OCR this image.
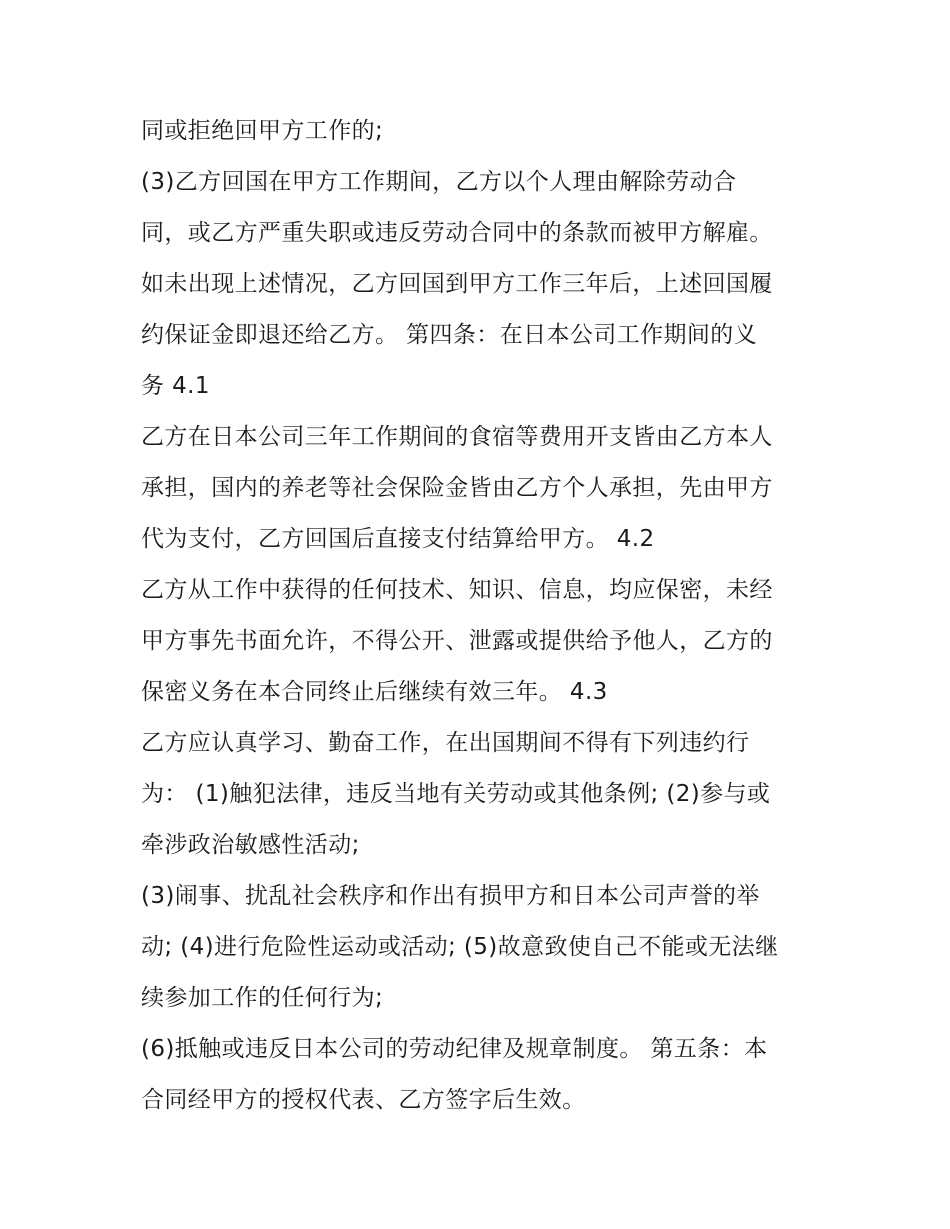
同或拒绝回甲方工作的;
(3)乙方回国在甲方工作期间，乙方以个人理由解除劳动合
同，或乙方严重失职或违反劳动合同中的条款而被甲方解雇。
如未出现上述情况，乙方回国到甲方工作三年后，上述回国履
约保证金即退还给乙方。 第四条：在日本公司工作期间的义
务 4.1
乙方在日本公司三年工作期间的食宿等费用开支皆由乙方本人
承担，国内的养老等社会保险金皆由乙方个人承担，先由甲方
代为支付，乙方回国后直接支付结算给甲方。 4.2
乙方从工作中获得的任何技术、知识、信息，均应保密，未经
甲方事先书面允许，不得公开、泄露或提供给予他人，乙方的
保密义务在本合同终止后继续有效三年。 4.3
乙方应认真学习、勤奋工作，在出国期间不得有下列违约行
为： (1)触犯法律，违反当地有关劳动或其他条例; (2)参与或
牵涉政治敏感性活动;
(3)闹事、扰乱社会秩序和作出有损甲方和日本公司声誉的举
动; (4)进行危险性运动或活动; (5)故意致使自己不能或无法继
续参加工作的任何行为;
(6)抵触或违反日本公司的劳动纪律及规章制度。 第五条：本
合同经甲方的授权代表、乙方签字后生效。
